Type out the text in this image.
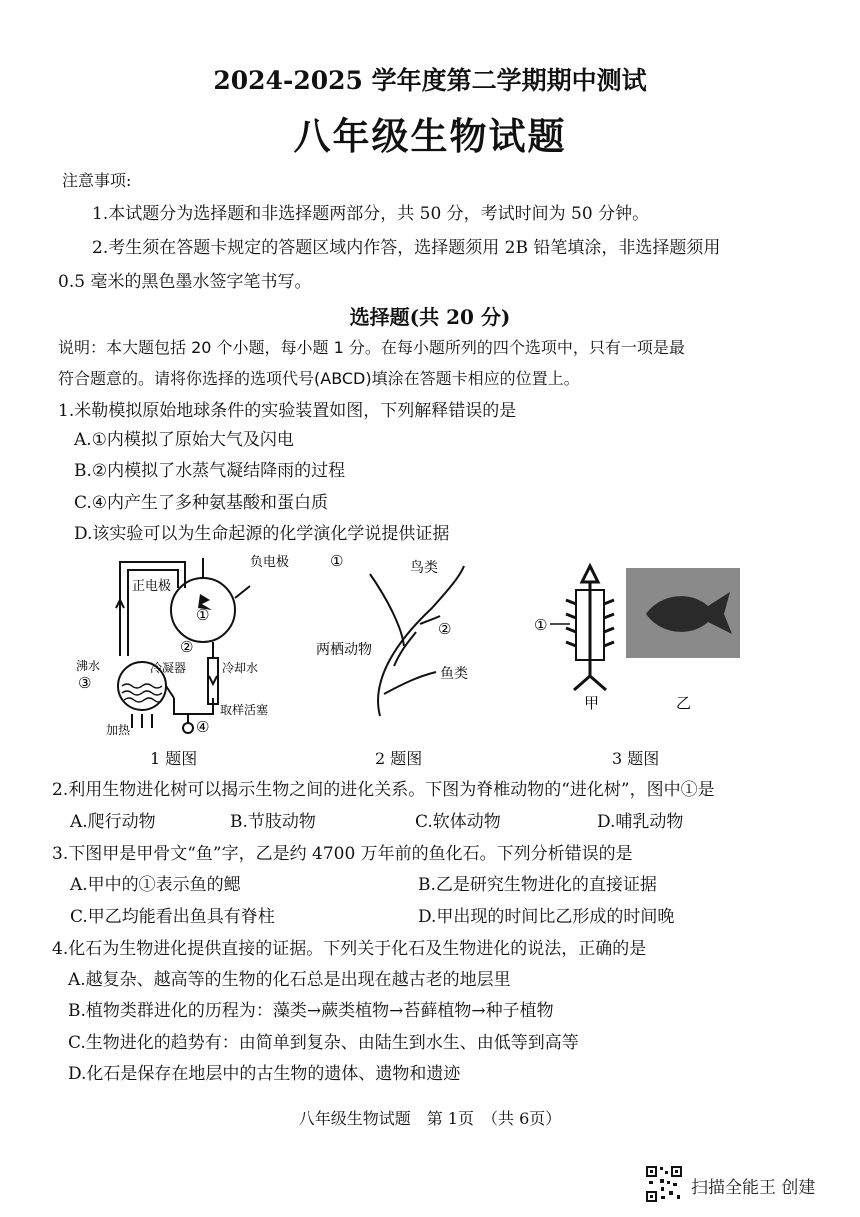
2024-2025 学年度第二学期期中测试
八年级生物试题
注意事项:
1.本试题分为选择题和非选择题两部分，共 50 分，考试时间为 50 分钟。
2.考生须在答题卡规定的答题区域内作答，选择题须用 2B 铅笔填涂，非选择题须用
0.5 毫米的黑色墨水签字笔书写。
选择题(共 20 分)
说明：本大题包括 20 个小题，每小题 1 分。在每小题所列的四个选项中，只有一项是最
符合题意的。请将你选择的选项代号(ABCD)填涂在答题卡相应的位置上。
1.米勒模拟原始地球条件的实验装置如图，下列解释错误的是
A.①内模拟了原始大气及闪电
B.②内模拟了水蒸气凝结降雨的过程
C.④内产生了多种氨基酸和蛋白质
D.该实验可以为生命起源的化学演化学说提供证据
负电极
正电极
①
②
冷凝器	冷却水
沸水
③
加热
取样活塞
④
1 题图
①	鸟类
②
两栖动物
鱼类
2 题图
①
甲	乙
3 题图
2.利用生物进化树可以揭示生物之间的进化关系。下图为脊椎动物的“进化树”，图中①是
A.爬行动物	B.节肢动物	C.软体动物	D.哺乳动物
3.下图甲是甲骨文“鱼”字，乙是约 4700 万年前的鱼化石。下列分析错误的是
A.甲中的①表示鱼的鳃	B.乙是研究生物进化的直接证据
C.甲乙均能看出鱼具有脊柱	D.甲出现的时间比乙形成的时间晚
4.化石为生物进化提供直接的证据。下列关于化石及生物进化的说法，正确的是
A.越复杂、越高等的生物的化石总是出现在越古老的地层里
B.植物类群进化的历程为：藻类→蕨类植物→苔藓植物→种子植物
C.生物进化的趋势有：由简单到复杂、由陆生到水生、由低等到高等
D.化石是保存在地层中的古生物的遗体、遗物和遗迹
八年级生物试题　第 1页　（共 6页）
扫描全能王 创建
